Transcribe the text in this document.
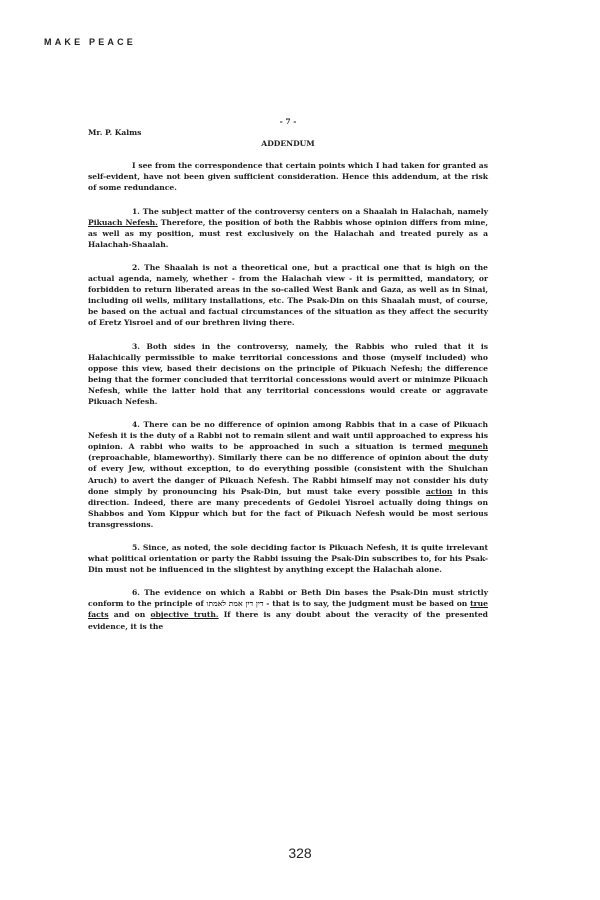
MAKE PEACE

- 7 -

Mr. P. Kalms

ADDENDUM

I see from the correspondence that certain points which I had taken for granted as self-evident, have not been given sufficient consideration. Hence this addendum, at the risk of some redundance.

1. The subject matter of the controversy centers on a Shaalah in Halachah, namely Pikuach Nefesh. Therefore, the position of both the Rabbis whose opinion differs from mine, as well as my position, must rest exclusively on the Halachah and treated purely as a Halachah-Shaalah.

2. The Shaalah is not a theoretical one, but a practical one that is high on the actual agenda, namely, whether - from the Halachah view - it is permitted, mandatory, or forbidden to return liberated areas in the so-called West Bank and Gaza, as well as in Sinai, including oil wells, military installations, etc. The Psak-Din on this Shaalah must, of course, be based on the actual and factual circumstances of the situation as they affect the security of Eretz Yisroel and of our brethren living there.

3. Both sides in the controversy, namely, the Rabbis who ruled that it is Halachically permissible to make territorial concessions and those (myself included) who oppose this view, based their decisions on the principle of Pikuach Nefesh; the difference being that the former concluded that territorial concessions would avert or minimze Pikuach Nefesh, while the latter hold that any territorial concessions would create or aggravate Pikuach Nefesh.

4. There can be no difference of opinion among Rabbis that in a case of Pikuach Nefesh it is the duty of a Rabbi not to remain silent and wait until approached to express his opinion. A rabbi who waits to be approached in such a situation is termed meguneh (reproachable, blameworthy). Similarly there can be no difference of opinion about the duty of every Jew, without exception, to do everything possible (consistent with the Shulchan Aruch) to avert the danger of Pikuach Nefesh. The Rabbi himself may not consider his duty done simply by pronouncing his Psak-Din, but must take every possible action in this direction. Indeed, there are many precedents of Gedolei Yisroel actually doing things on Shabbos and Yom Kippur which but for the fact of Pikuach Nefesh would be most serious transgressions.

5. Since, as noted, the sole deciding factor is Pikuach Nefesh, it is quite irrelevant what political orientation or party the Rabbi issuing the Psak-Din subscribes to, for his Psak-Din must not be influenced in the slightest by anything except the Halachah alone.

6. The evidence on which a Rabbi or Beth Din bases the Psak-Din must strictly conform to the principle of דין דין אמת לאמתו - that is to say, the judgment must be based on true facts and on objective truth. If there is any doubt about the veracity of the presented evidence, it is the

328
